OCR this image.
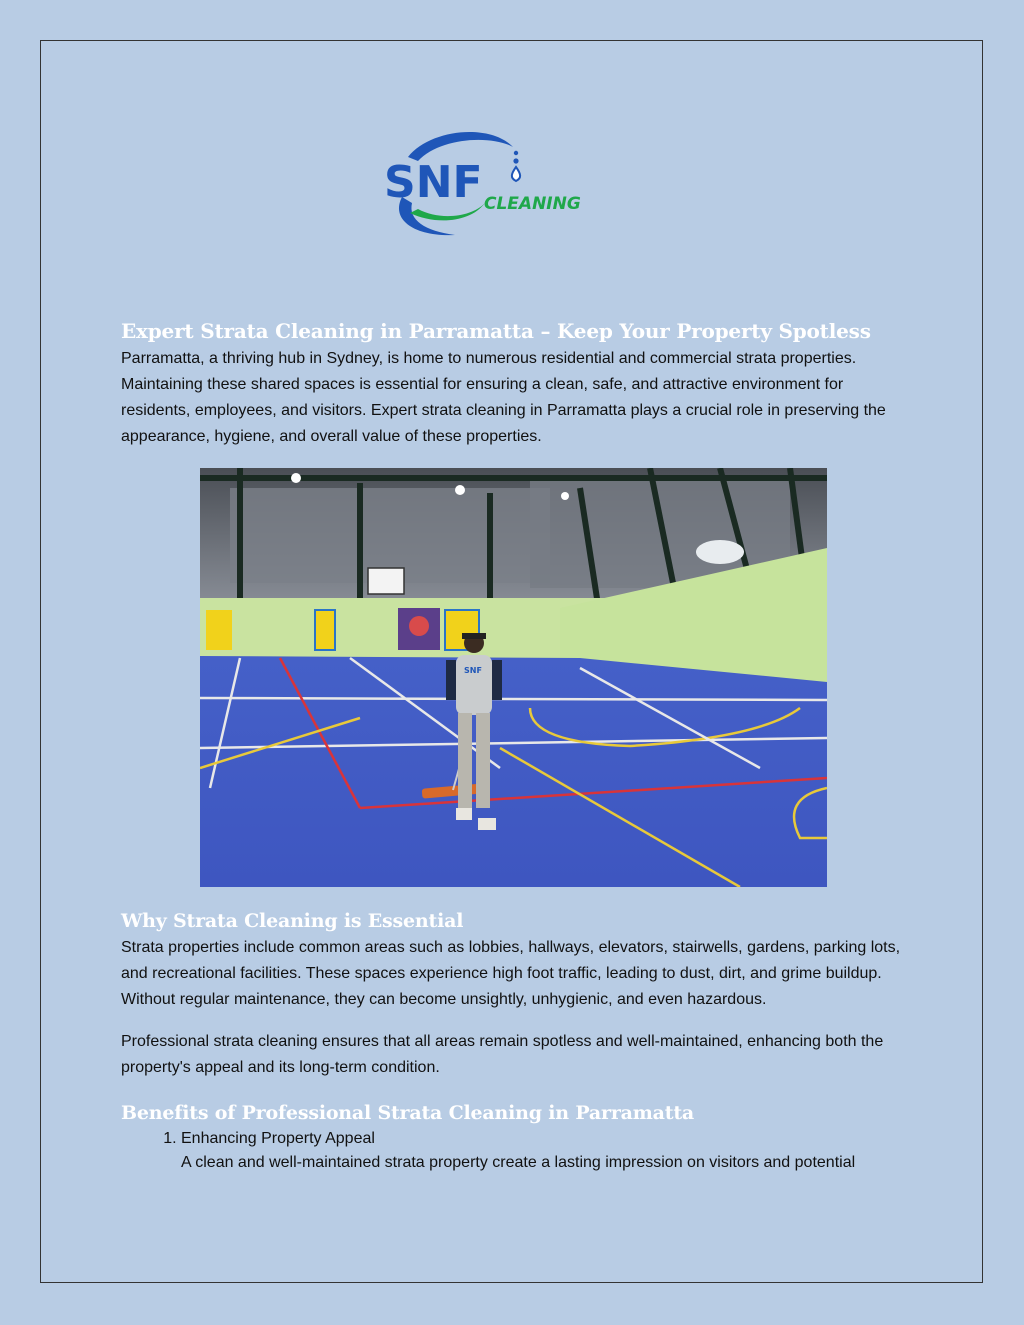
SNF CLEANING
Expert Strata Cleaning in Parramatta – Keep Your Property Spotless

Parramatta, a thriving hub in Sydney, is home to numerous residential and commercial strata properties. Maintaining these shared spaces is essential for ensuring a clean, safe, and attractive environment for residents, employees, and visitors. Expert strata cleaning in Parramatta plays a crucial role in preserving the appearance, hygiene, and overall value of these properties.

SNF
Why Strata Cleaning is Essential

Strata properties include common areas such as lobbies, hallways, elevators, stairwells, gardens, parking lots, and recreational facilities. These spaces experience high foot traffic, leading to dust, dirt, and grime buildup. Without regular maintenance, they can become unsightly, unhygienic, and even hazardous.

Professional strata cleaning ensures that all areas remain spotless and well-maintained, enhancing both the property's appeal and its long-term condition.

Benefits of Professional Strata Cleaning in Parramatta
1. Enhancing Property Appeal
A clean and well-maintained strata property create a lasting impression on visitors and potential
